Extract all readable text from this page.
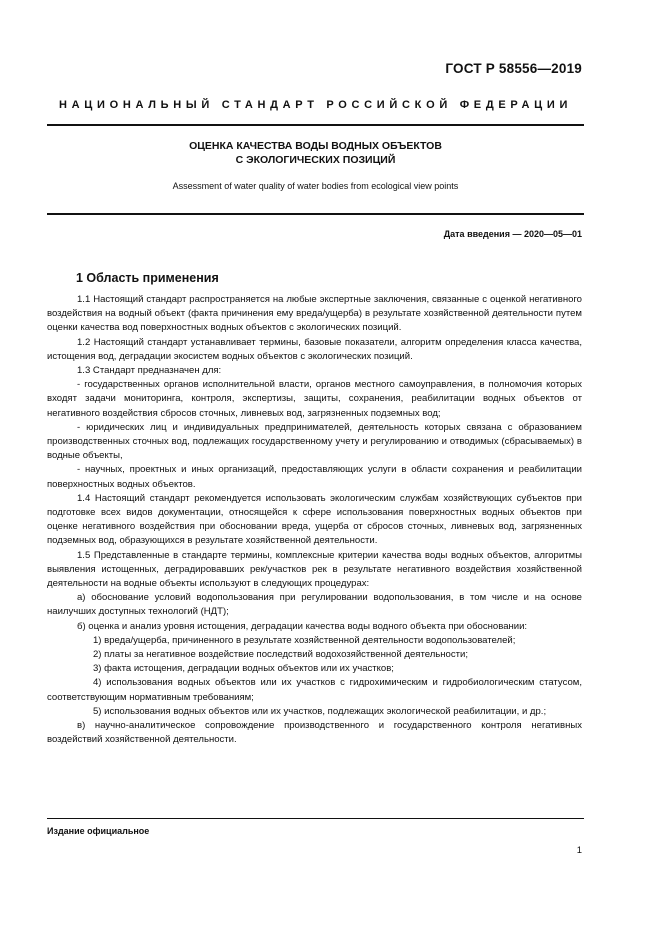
ГОСТ Р 58556—2019
НАЦИОНАЛЬНЫЙ СТАНДАРТ РОССИЙСКОЙ ФЕДЕРАЦИИ
ОЦЕНКА КАЧЕСТВА ВОДЫ ВОДНЫХ ОБЪЕКТОВ
С ЭКОЛОГИЧЕСКИХ ПОЗИЦИЙ
Assessment of water quality of water bodies from ecological view points
Дата введения — 2020—05—01
1 Область применения

1.1 Настоящий стандарт распространяется на любые экспертные заключения, связанные с оценкой негативного воздействия на водный объект (факта причинения ему вреда/ущерба) в результате хозяйственной деятельности путем оценки качества вод поверхностных водных объектов с экологических позиций.

1.2 Настоящий стандарт устанавливает термины, базовые показатели, алгоритм определения класса качества, истощения вод, деградации экосистем водных объектов с экологических позиций.

1.3 Стандарт предназначен для:

- государственных органов исполнительной власти, органов местного самоуправления, в полномочия которых входят задачи мониторинга, контроля, экспертизы, защиты, сохранения, реабилитации водных объектов от негативного воздействия сбросов сточных, ливневых вод, загрязненных подземных вод;

- юридических лиц и индивидуальных предпринимателей, деятельность которых связана с образованием производственных сточных вод, подлежащих государственному учету и регулированию и отводимых (сбрасываемых) в водные объекты,

- научных, проектных и иных организаций, предоставляющих услуги в области сохранения и реабилитации поверхностных водных объектов.

1.4 Настоящий стандарт рекомендуется использовать экологическим службам хозяйствующих субъектов при подготовке всех видов документации, относящейся к сфере использования поверхностных водных объектов при оценке негативного воздействия при обосновании вреда, ущерба от сбросов сточных, ливневых вод, загрязненных подземных вод, образующихся в результате хозяйственной деятельности.

1.5 Представленные в стандарте термины, комплексные критерии качества воды водных объектов, алгоритмы выявления истощенных, деградировавших рек/участков рек в результате негативного воздействия хозяйственной деятельности на водные объекты используют в следующих процедурах:

а) обоснование условий водопользования при регулировании водопользования, в том числе и на основе наилучших доступных технологий (НДТ);

б) оценка и анализ уровня истощения, деградации качества воды водного объекта при обосновании:

1) вреда/ущерба, причиненного в результате хозяйственной деятельности водопользователей;

2) платы за негативное воздействие последствий водохозяйственной деятельности;

3) факта истощения, деградации водных объектов или их участков;

4) использования водных объектов или их участков с гидрохимическим и гидробиологическим статусом, соответствующим нормативным требованиям;

5) использования водных объектов или их участков, подлежащих экологической реабилитации, и др.;

в) научно-аналитическое сопровождение производственного и государственного контроля негативных воздействий хозяйственной деятельности.

Издание официальное
1
